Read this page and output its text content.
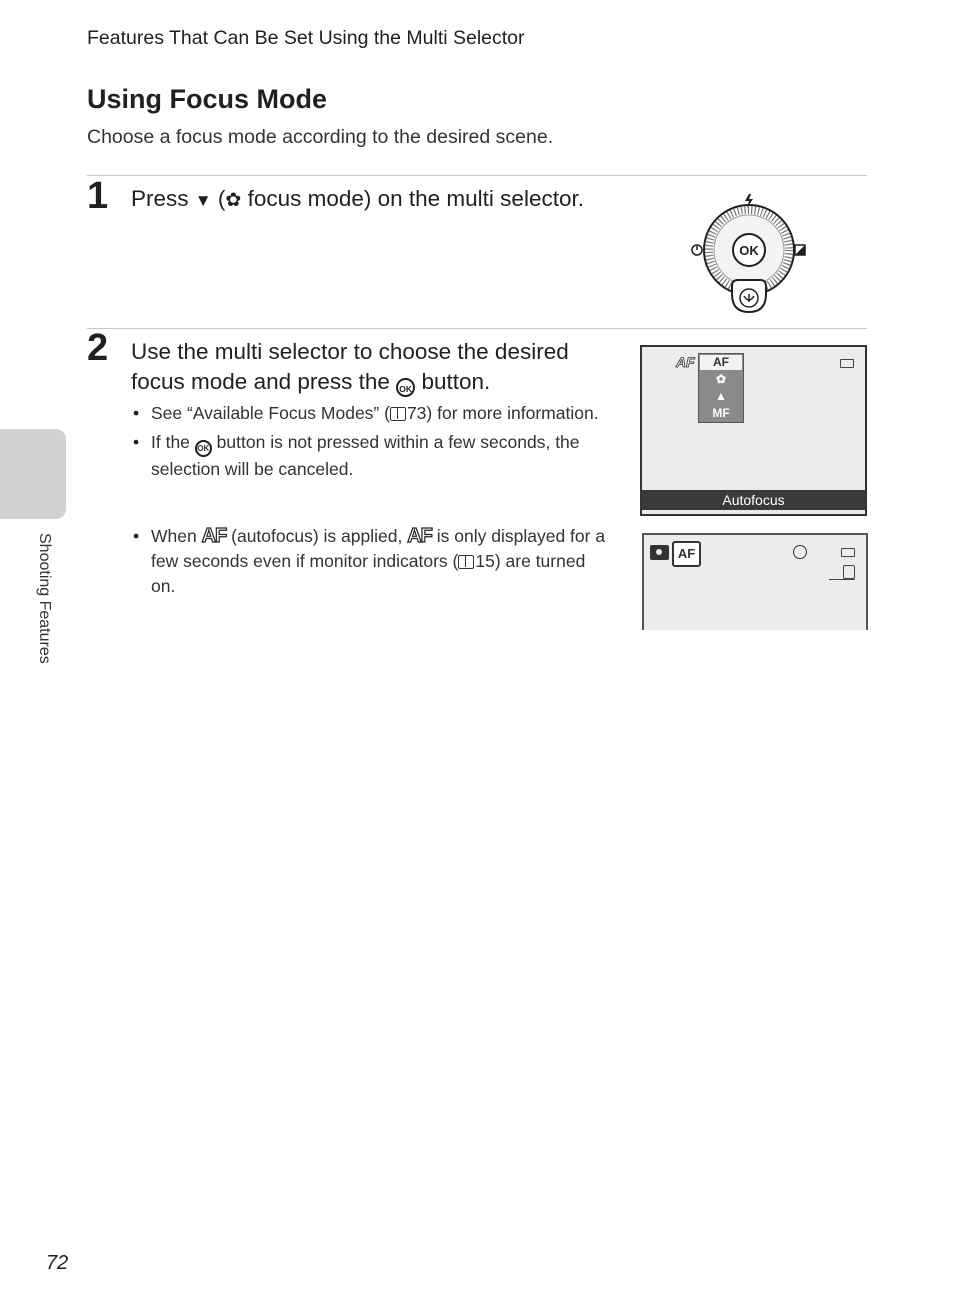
Features That Can Be Set Using the Multi Selector
Using Focus Mode
Choose a focus mode according to the desired scene.
1 Press ▼ (✿ focus mode) on the multi selector.
OK
2 Use the multi selector to choose the desired
focus mode and press the OK button.
• See “Available Focus Modes” ( 73) for more information.
• If the OK button is not pressed within a few seconds, the selection will be canceled.
• When AF (autofocus) is applied, AF is only displayed for a few seconds even if monitor indicators ( 15) are turned on.
AF	AF
✿
▲
MF
Autofocus
AF
Shooting Features
72
